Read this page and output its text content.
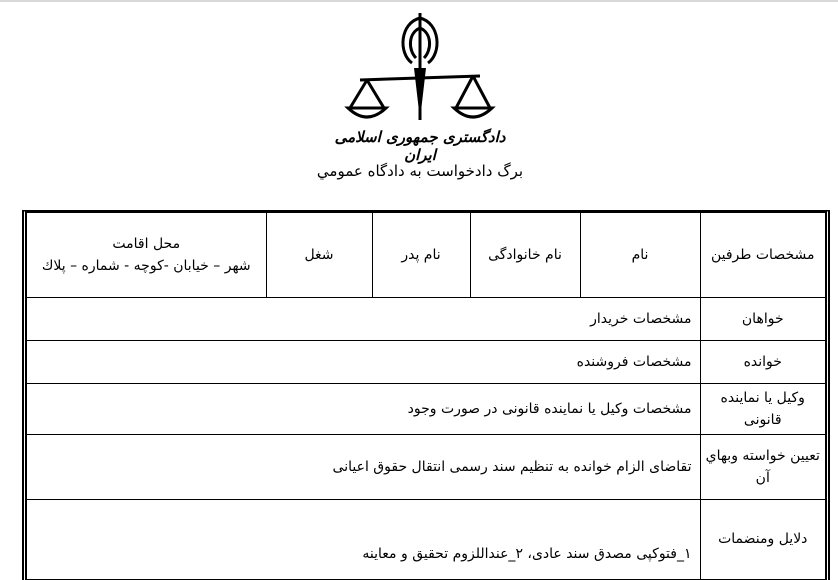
دادگستری جمهوری اسلامی ایران
برگ دادخواست به دادگاه عمومي
مشخصات طرفین	نام	نام خانوادگی	نام پدر	شغل	محل اقامت
شهر – خیابان -کوچه - شماره – پلاك

خواهان	مشخصات خریدار				
خوانده	مشخصات فروشنده				
وکیل یا نماینده قانونی	مشخصات وکیل یا نماینده قانونی در صورت وجود				
تعیین خواسته وبهاي آن	تقاضای الزام خوانده به تنظیم سند رسمی انتقال حقوق اعیانی				
دلایل ومنضمات	۱_فتوکپی مصدق سند عادی، ۲_عنداللزوم تحقیق و معاینه				
